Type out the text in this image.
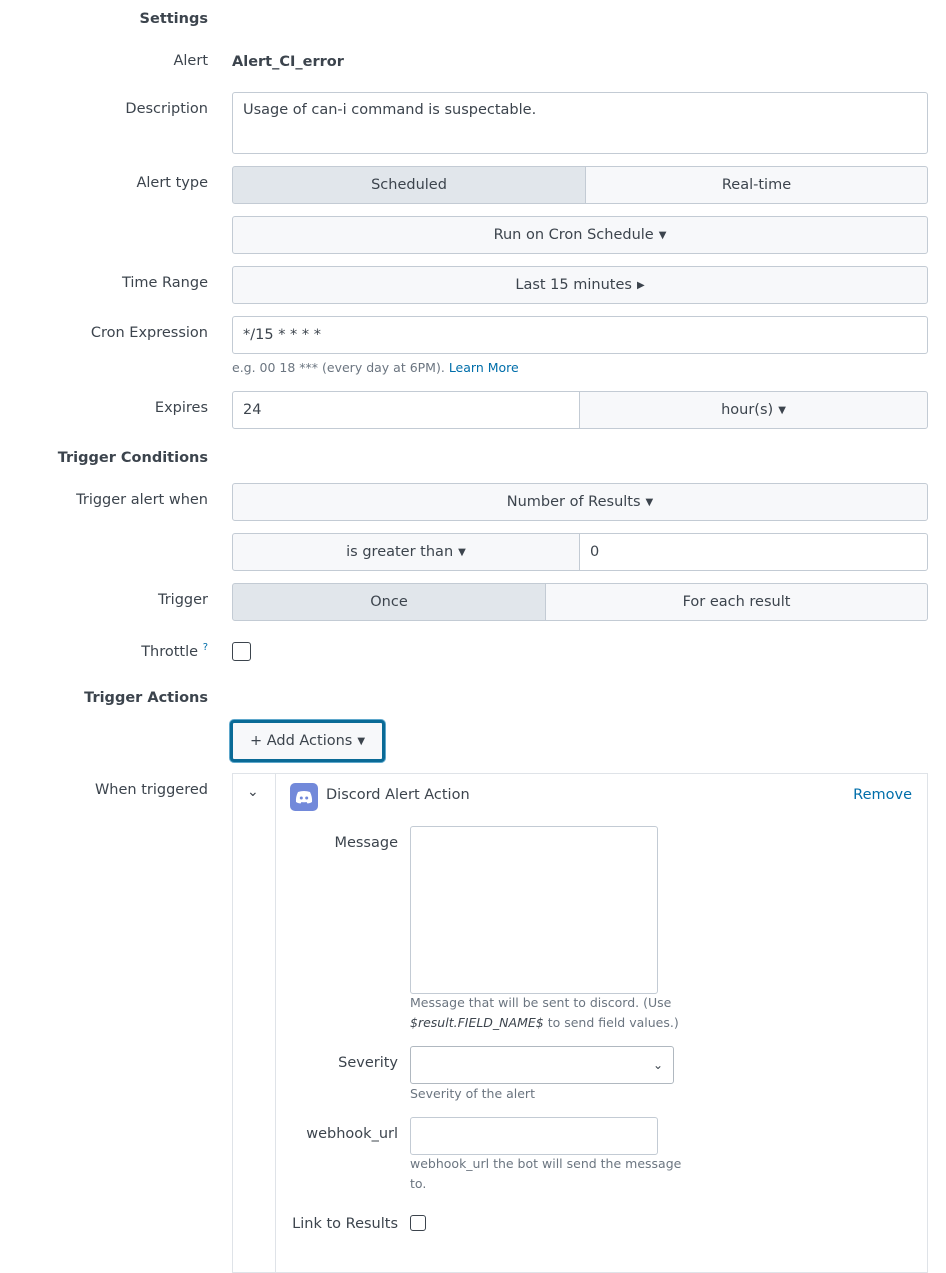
Settings
Alert Alert_CI_error
Description Usage of can-i command is suspectable.
Alert type	Scheduled	Real-time
Run on Cron Schedule ▼
Time Range	Last 15 minutes ▶
Cron Expression */15 * * * *
e.g. 00 18 *** (every day at 6PM). Learn More
Expires 24	hour(s) ▼
Trigger Conditions
Trigger alert when	Number of Results ▼
is greater than ▼	0
Trigger	Once	For each result
Throttle ?
Trigger Actions
+ Add Actions ▼
When triggered	⌄	Discord Alert Action	Remove
Message
Message that will be sent to discord. (Use
$result.FIELD_NAME$ to send field values.)
Severity	⌄
Severity of the alert
webhook_url
webhook_url the bot will send the message to.
Link to Results
